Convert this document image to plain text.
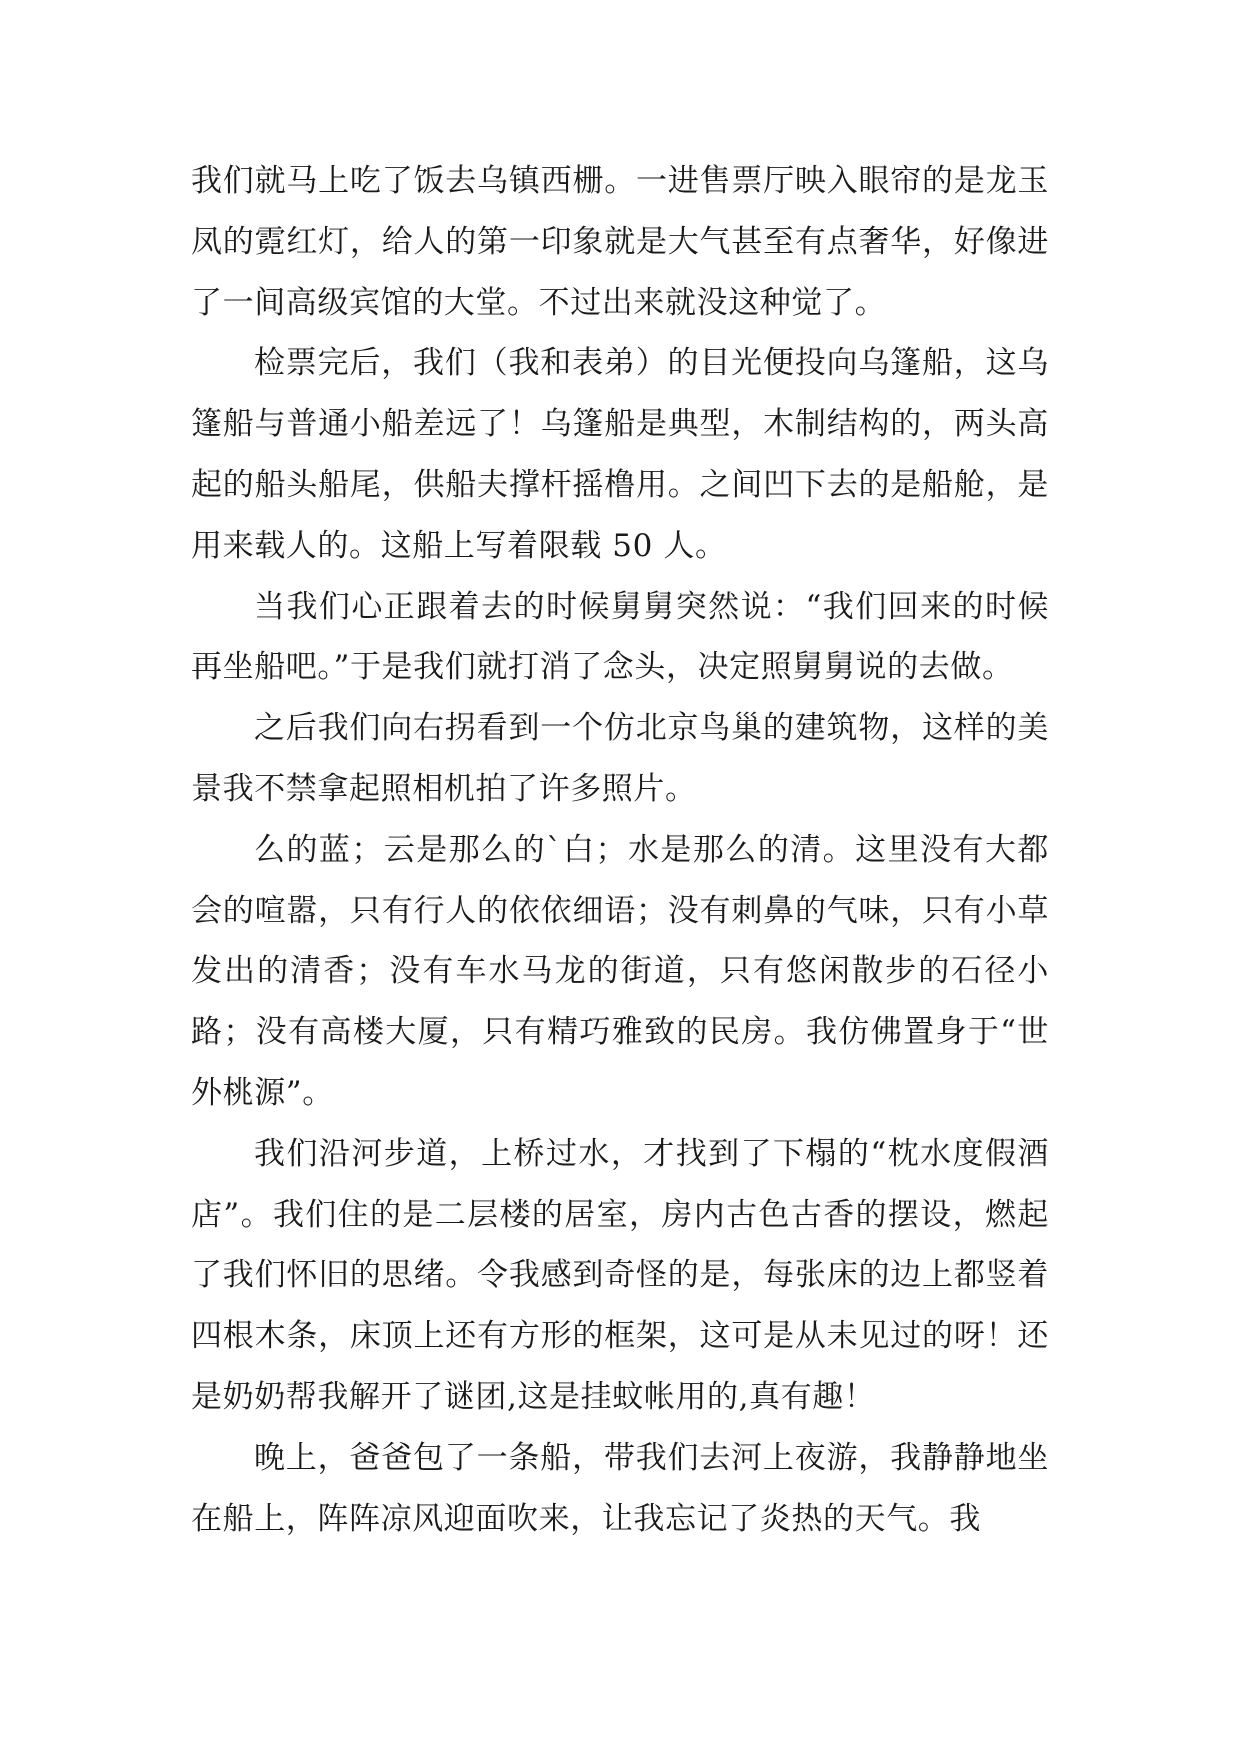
我们就马上吃了饭去乌镇西栅。一进售票厅映入眼帘的是龙玉凤的霓红灯，给人的第一印象就是大气甚至有点奢华，好像进了一间高级宾馆的大堂。不过出来就没这种觉了。

检票完后，我们（我和表弟）的目光便投向乌篷船，这乌篷船与普通小船差远了！乌篷船是典型，木制结构的，两头高起的船头船尾，供船夫撑杆摇橹用。之间凹下去的是船舱，是用来载人的。这船上写着限载 50 人。

当我们心正跟着去的时候舅舅突然说：“我们回来的时候再坐船吧。”于是我们就打消了念头，决定照舅舅说的去做。

之后我们向右拐看到一个仿北京鸟巢的建筑物，这样的美景我不禁拿起照相机拍了许多照片。

么的蓝；云是那么的`白；水是那么的清。这里没有大都会的喧嚣，只有行人的依依细语；没有刺鼻的气味，只有小草发出的清香；没有车水马龙的街道，只有悠闲散步的石径小路；没有高楼大厦，只有精巧雅致的民房。我仿佛置身于“世外桃源”。

我们沿河步道，上桥过水，才找到了下榻的“枕水度假酒店”。我们住的是二层楼的居室，房内古色古香的摆设，燃起了我们怀旧的思绪。令我感到奇怪的是，每张床的边上都竖着四根木条，床顶上还有方形的框架，这可是从未见过的呀！还是奶奶帮我解开了谜团,这是挂蚊帐用的,真有趣！

晚上，爸爸包了一条船，带我们去河上夜游，我静静地坐在船上，阵阵凉风迎面吹来，让我忘记了炎热的天气。我
